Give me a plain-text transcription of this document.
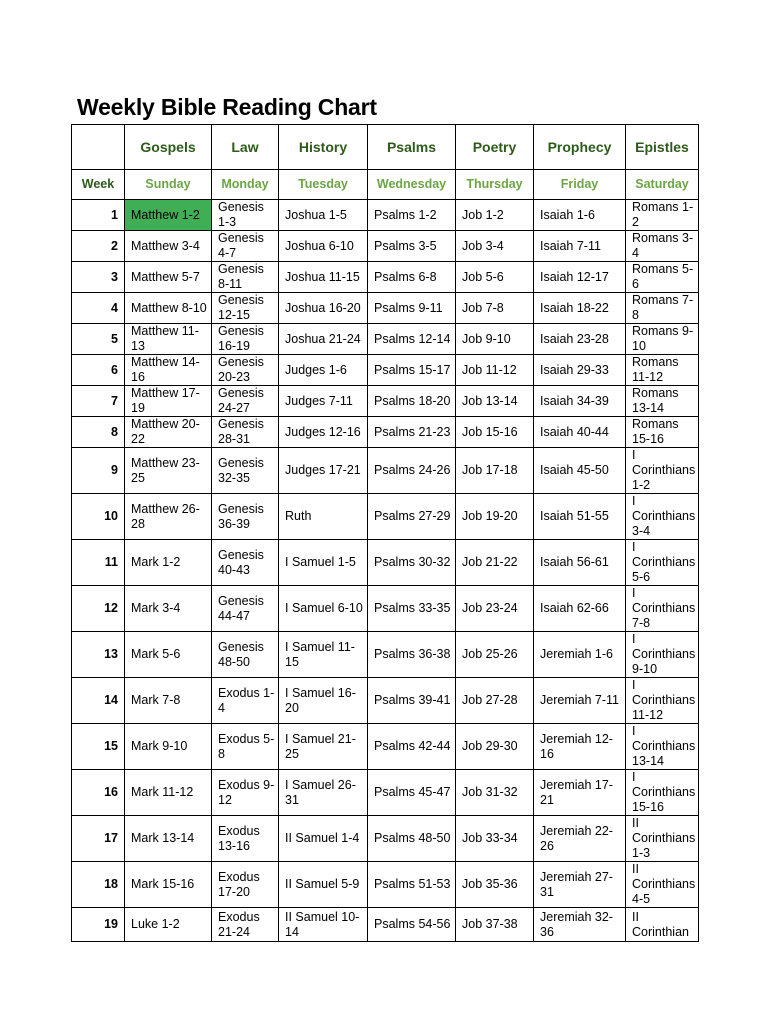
Weekly Bible Reading Chart
	Gospels	Law	History	Psalms	Poetry	Prophecy	Epistles
Week	Sunday	Monday	Tuesday	Wednesday	Thursday	Friday	Saturday
1	Matthew 1-2	Genesis 1-3	Joshua 1-5	Psalms 1-2	Job 1-2	Isaiah 1-6	Romans 1-2
2	Matthew 3-4	Genesis 4-7	Joshua 6-10	Psalms 3-5	Job 3-4	Isaiah 7-11	Romans 3-4
3	Matthew 5-7	Genesis 8-11	Joshua 11-15	Psalms 6-8	Job 5-6	Isaiah 12-17	Romans 5-6
4	Matthew 8-10	Genesis 12-15	Joshua 16-20	Psalms 9-11	Job 7-8	Isaiah 18-22	Romans 7-8
5	Matthew 11-13	Genesis 16-19	Joshua 21-24	Psalms 12-14	Job 9-10	Isaiah 23-28	Romans 9-10
6	Matthew 14-16	Genesis 20-23	Judges 1-6	Psalms 15-17	Job 11-12	Isaiah 29-33	Romans 11-12
7	Matthew 17-19	Genesis 24-27	Judges 7-11	Psalms 18-20	Job 13-14	Isaiah 34-39	Romans 13-14
8	Matthew 20-22	Genesis 28-31	Judges 12-16	Psalms 21-23	Job 15-16	Isaiah 40-44	Romans 15-16
9	Matthew 23-25	Genesis 32-35	Judges 17-21	Psalms 24-26	Job 17-18	Isaiah 45-50	I Corinthians 1-2
10	Matthew 26-28	Genesis 36-39	Ruth	Psalms 27-29	Job 19-20	Isaiah 51-55	I Corinthians 3-4
11	Mark 1-2	Genesis 40-43	I Samuel 1-5	Psalms 30-32	Job 21-22	Isaiah 56-61	I Corinthians 5-6
12	Mark 3-4	Genesis 44-47	I Samuel 6-10	Psalms 33-35	Job 23-24	Isaiah 62-66	I Corinthians 7-8
13	Mark 5-6	Genesis 48-50	I Samuel 11-15	Psalms 36-38	Job 25-26	Jeremiah 1-6	I Corinthians 9-10
14	Mark 7-8	Exodus 1-4	I Samuel 16-20	Psalms 39-41	Job 27-28	Jeremiah 7-11	I Corinthians 11-12
15	Mark 9-10	Exodus 5-8	I Samuel 21-25	Psalms 42-44	Job 29-30	Jeremiah 12-16	I Corinthians 13-14
16	Mark 11-12	Exodus 9-12	I Samuel 26-31	Psalms 45-47	Job 31-32	Jeremiah 17-21	I Corinthians 15-16
17	Mark 13-14	Exodus 13-16	II Samuel 1-4	Psalms 48-50	Job 33-34	Jeremiah 22-26	II Corinthians 1-3
18	Mark 15-16	Exodus 17-20	II Samuel 5-9	Psalms 51-53	Job 35-36	Jeremiah 27-31	II Corinthians 4-5
19	Luke 1-2	Exodus 21-24	II Samuel 10-14	Psalms 54-56	Job 37-38	Jeremiah 32-36	II Corinthian
